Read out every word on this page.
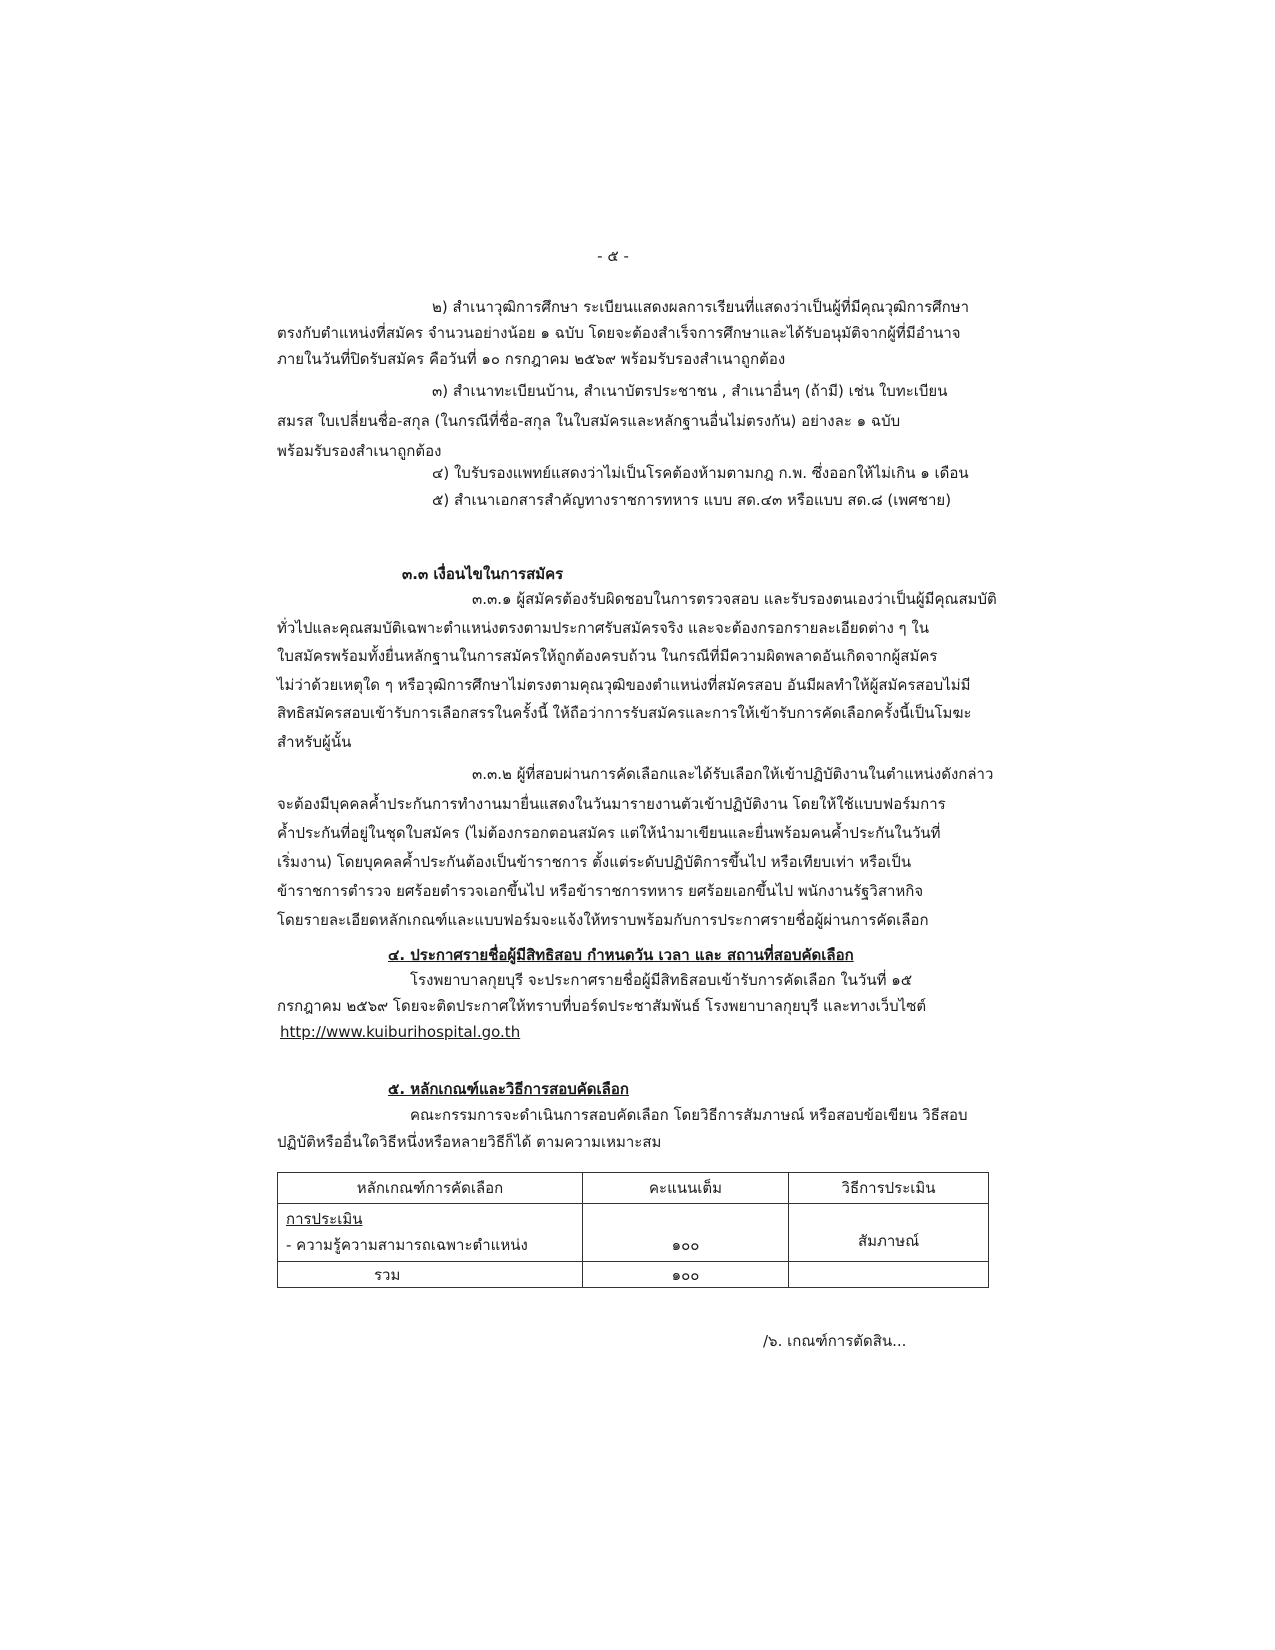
- ๕ -
๒) สำเนาวุฒิการศึกษา ระเบียนแสดงผลการเรียนที่แสดงว่าเป็นผู้ที่มีคุณวุฒิการศึกษา
ตรงกับตำแหน่งที่สมัคร จำนวนอย่างน้อย ๑ ฉบับ โดยจะต้องสำเร็จการศึกษาและได้รับอนุมัติจากผู้ที่มีอำนาจ
ภายในวันที่ปิดรับสมัคร คือวันที่ ๑๐ กรกฎาคม ๒๕๖๙ พร้อมรับรองสำเนาถูกต้อง
๓) สำเนาทะเบียนบ้าน, สำเนาบัตรประชาชน , สำเนาอื่นๆ (ถ้ามี) เช่น ใบทะเบียน
สมรส ใบเปลี่ยนชื่อ-สกุล (ในกรณีที่ชื่อ-สกุล ในใบสมัครและหลักฐานอื่นไม่ตรงกัน) อย่างละ ๑ ฉบับ
พร้อมรับรองสำเนาถูกต้อง
๔) ใบรับรองแพทย์แสดงว่าไม่เป็นโรคต้องห้ามตามกฎ ก.พ. ซึ่งออกให้ไม่เกิน ๑ เดือน
๕) สำเนาเอกสารสำคัญทางราชการทหาร แบบ สด.๔๓ หรือแบบ สด.๘ (เพศชาย)
๓.๓ เงื่อนไขในการสมัคร
๓.๓.๑ ผู้สมัครต้องรับผิดชอบในการตรวจสอบ และรับรองตนเองว่าเป็นผู้มีคุณสมบัติ
ทั่วไปและคุณสมบัติเฉพาะตำแหน่งตรงตามประกาศรับสมัครจริง และจะต้องกรอกรายละเอียดต่าง ๆ ใน
ใบสมัครพร้อมทั้งยื่นหลักฐานในการสมัครให้ถูกต้องครบถ้วน ในกรณีที่มีความผิดพลาดอันเกิดจากผู้สมัคร
ไม่ว่าด้วยเหตุใด ๆ หรือวุฒิการศึกษาไม่ตรงตามคุณวุฒิของตำแหน่งที่สมัครสอบ อันมีผลทำให้ผู้สมัครสอบไม่มี
สิทธิสมัครสอบเข้ารับการเลือกสรรในครั้งนี้ ให้ถือว่าการรับสมัครและการให้เข้ารับการคัดเลือกครั้งนี้เป็นโมฆะ
สำหรับผู้นั้น
๓.๓.๒ ผู้ที่สอบผ่านการคัดเลือกและได้รับเลือกให้เข้าปฏิบัติงานในตำแหน่งดังกล่าว
จะต้องมีบุคคลค้ำประกันการทำงานมายื่นแสดงในวันมารายงานตัวเข้าปฏิบัติงาน โดยให้ใช้แบบฟอร์มการ
ค้ำประกันที่อยู่ในชุดใบสมัคร (ไม่ต้องกรอกตอนสมัคร แต่ให้นำมาเขียนและยื่นพร้อมคนค้ำประกันในวันที่
เริ่มงาน) โดยบุคคลค้ำประกันต้องเป็นข้าราชการ ตั้งแต่ระดับปฏิบัติการขึ้นไป หรือเทียบเท่า หรือเป็น
ข้าราชการตำรวจ ยศร้อยตำรวจเอกขึ้นไป หรือข้าราชการทหาร ยศร้อยเอกขึ้นไป พนักงานรัฐวิสาหกิจ
โดยรายละเอียดหลักเกณฑ์และแบบฟอร์มจะแจ้งให้ทราบพร้อมกับการประกาศรายชื่อผู้ผ่านการคัดเลือก
๔. ประกาศรายชื่อผู้มีสิทธิสอบ กำหนดวัน เวลา และ สถานที่สอบคัดเลือก
โรงพยาบาลกุยบุรี จะประกาศรายชื่อผู้มีสิทธิสอบเข้ารับการคัดเลือก ในวันที่ ๑๕
กรกฎาคม ๒๕๖๙ โดยจะติดประกาศให้ทราบที่บอร์ดประชาสัมพันธ์ โรงพยาบาลกุยบุรี และทางเว็บไซต์
http://www.kuiburihospital.go.th
๕. หลักเกณฑ์และวิธีการสอบคัดเลือก
คณะกรรมการจะดำเนินการสอบคัดเลือก โดยวิธีการสัมภาษณ์ หรือสอบข้อเขียน วิธีสอบ
ปฏิบัติหรืออื่นใดวิธีหนึ่งหรือหลายวิธีก็ได้ ตามความเหมาะสม
หลักเกณฑ์การคัดเลือก	คะแนนเต็ม	วิธีการประเมิน

การประเมิน
- ความรู้ความสามารถเฉพาะตำแหน่ง	๑๐๐	สัมภาษณ์
รวม	๑๐๐	
/๖. เกณฑ์การตัดสิน...
